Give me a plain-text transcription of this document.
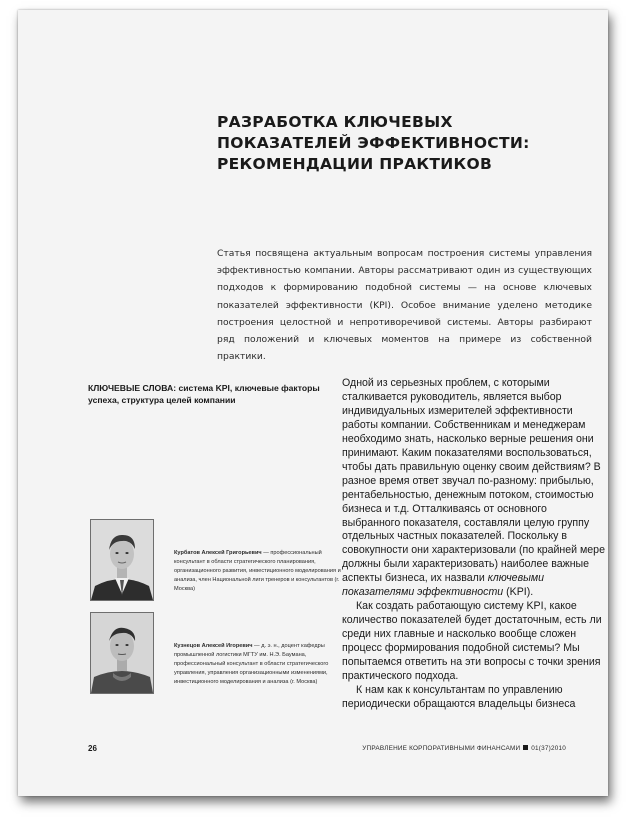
РАЗРАБОТКА КЛЮЧЕВЫХ ПОКАЗАТЕЛЕЙ ЭФФЕКТИВНОСТИ: РЕКОМЕНДАЦИИ ПРАКТИКОВ

Статья посвящена актуальным вопросам построения системы управления эффективностью компании. Авторы рассматривают один из существующих подходов к формированию подобной системы — на основе ключевых показателей эффективности (KPI). Особое внимание уделено методике построения целостной и непротиворечивой системы. Авторы разбирают ряд положений и ключевых моментов на примере из собственной практики.

КЛЮЧЕВЫЕ СЛОВА: система KPI, ключевые факторы успеха, структура целей компании

Одной из серьезных проблем, с которыми сталкивается руководитель, является выбор индивидуальных измерителей эффективности работы компании. Собственникам и менеджерам необходимо знать, насколько верные решения они принимают. Каким показателями воспользоваться, чтобы дать правильную оценку своим действиям? В разное время ответ звучал по-разному: прибылью, рентабельностью, денежным потоком, стоимостью бизнеса и т.д. Отталкиваясь от основного выбранного показателя, составляли целую группу отдельных частных показателей. Поскольку в совокупности они характеризовали (по крайней мере должны были характеризовать) наиболее важные аспекты бизнеса, их назвали ключевыми показателями эффективности (KPI).

Как создать работающую систему KPI, какое количество показателей будет достаточным, есть ли среди них главные и насколько вообще сложен процесс формирования подобной системы? Мы попытаемся ответить на эти вопросы с точки зрения практического подхода.

К нам как к консультантам по управлению периодически обращаются владельцы бизнеса

Курбатов Алексей Григорьевич — профессиональный консультант в области стратегического планирования, организационного развития, инвестиционного моделирования и анализа, член Национальной лиги тренеров и консультантов (г. Москва)

Кузнецов Алексей Игоревич — д. э. н., доцент кафедры промышленной логистики МГТУ им. Н.Э. Баумана, профессиональный консультант в области стратегического управления, управления организационными изменениями, инвестиционного моделирования и анализа (г. Москва)

26	УПРАВЛЕНИЕ КОРПОРАТИВНЫМИ ФИНАНСАМИ 01(37)2010
